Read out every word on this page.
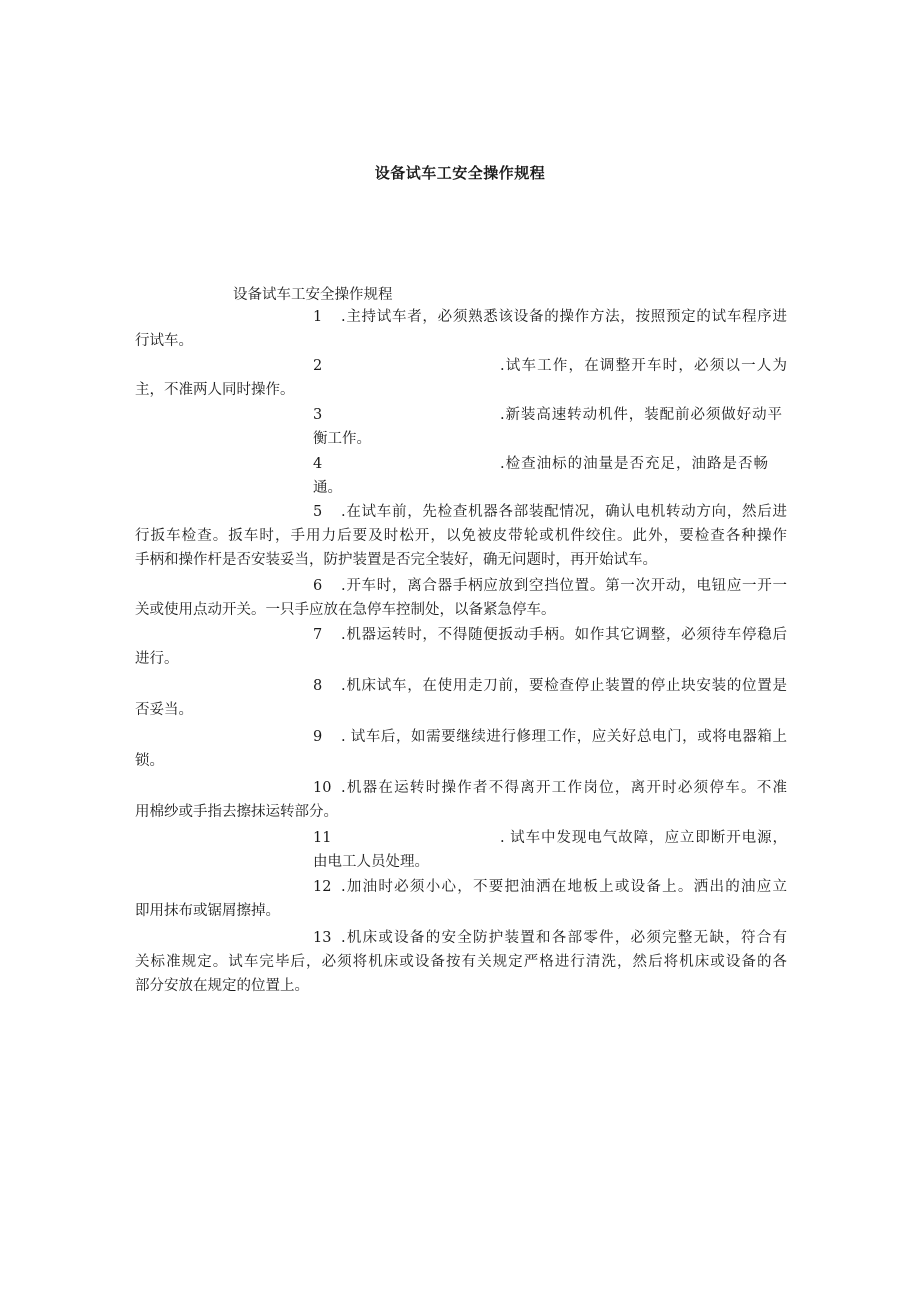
设备试车工安全操作规程
设备试车工安全操作规程
1 .主持试车者，必须熟悉该设备的操作方法，按照预定的试车程序进
行试车。
2	.试车工作，在调整开车时，必须以一人为
主，不准两人同时操作。
3	.新装高速转动机件，装配前必须做好动平
衡工作。
4	.检查油标的油量是否充足，油路是否畅
通。
5 .在试车前，先检查机器各部装配情况，确认电机转动方向，然后进
行扳车检查。扳车时，手用力后要及时松开，以免被皮带轮或机件绞住。此外，要检查各种操作
手柄和操作杆是否安装妥当，防护装置是否完全装好，确无问题时，再开始试车。
6 .开车时，离合器手柄应放到空挡位置。第一次开动，电钮应一开一
关或使用点动开关。一只手应放在急停车控制处，以备紧急停车。
7 .机器运转时，不得随便扳动手柄。如作其它调整，必须待车停稳后
进行。
8 .机床试车，在使用走刀前，要检查停止装置的停止块安装的位置是
否妥当。
9 . 试车后，如需要继续进行修理工作，应关好总电门，或将电器箱上
锁。
10 .机器在运转时操作者不得离开工作岗位，离开时必须停车。不准
用棉纱或手指去擦抹运转部分。
11	. 试车中发现电气故障，应立即断开电源，
由电工人员处理。
12 .加油时必须小心，不要把油洒在地板上或设备上。洒出的油应立
即用抹布或锯屑擦掉。
13 .机床或设备的安全防护装置和各部零件，必须完整无缺，符合有
关标准规定。试车完毕后，必须将机床或设备按有关规定严格进行清洗，然后将机床或设备的各
部分安放在规定的位置上。
